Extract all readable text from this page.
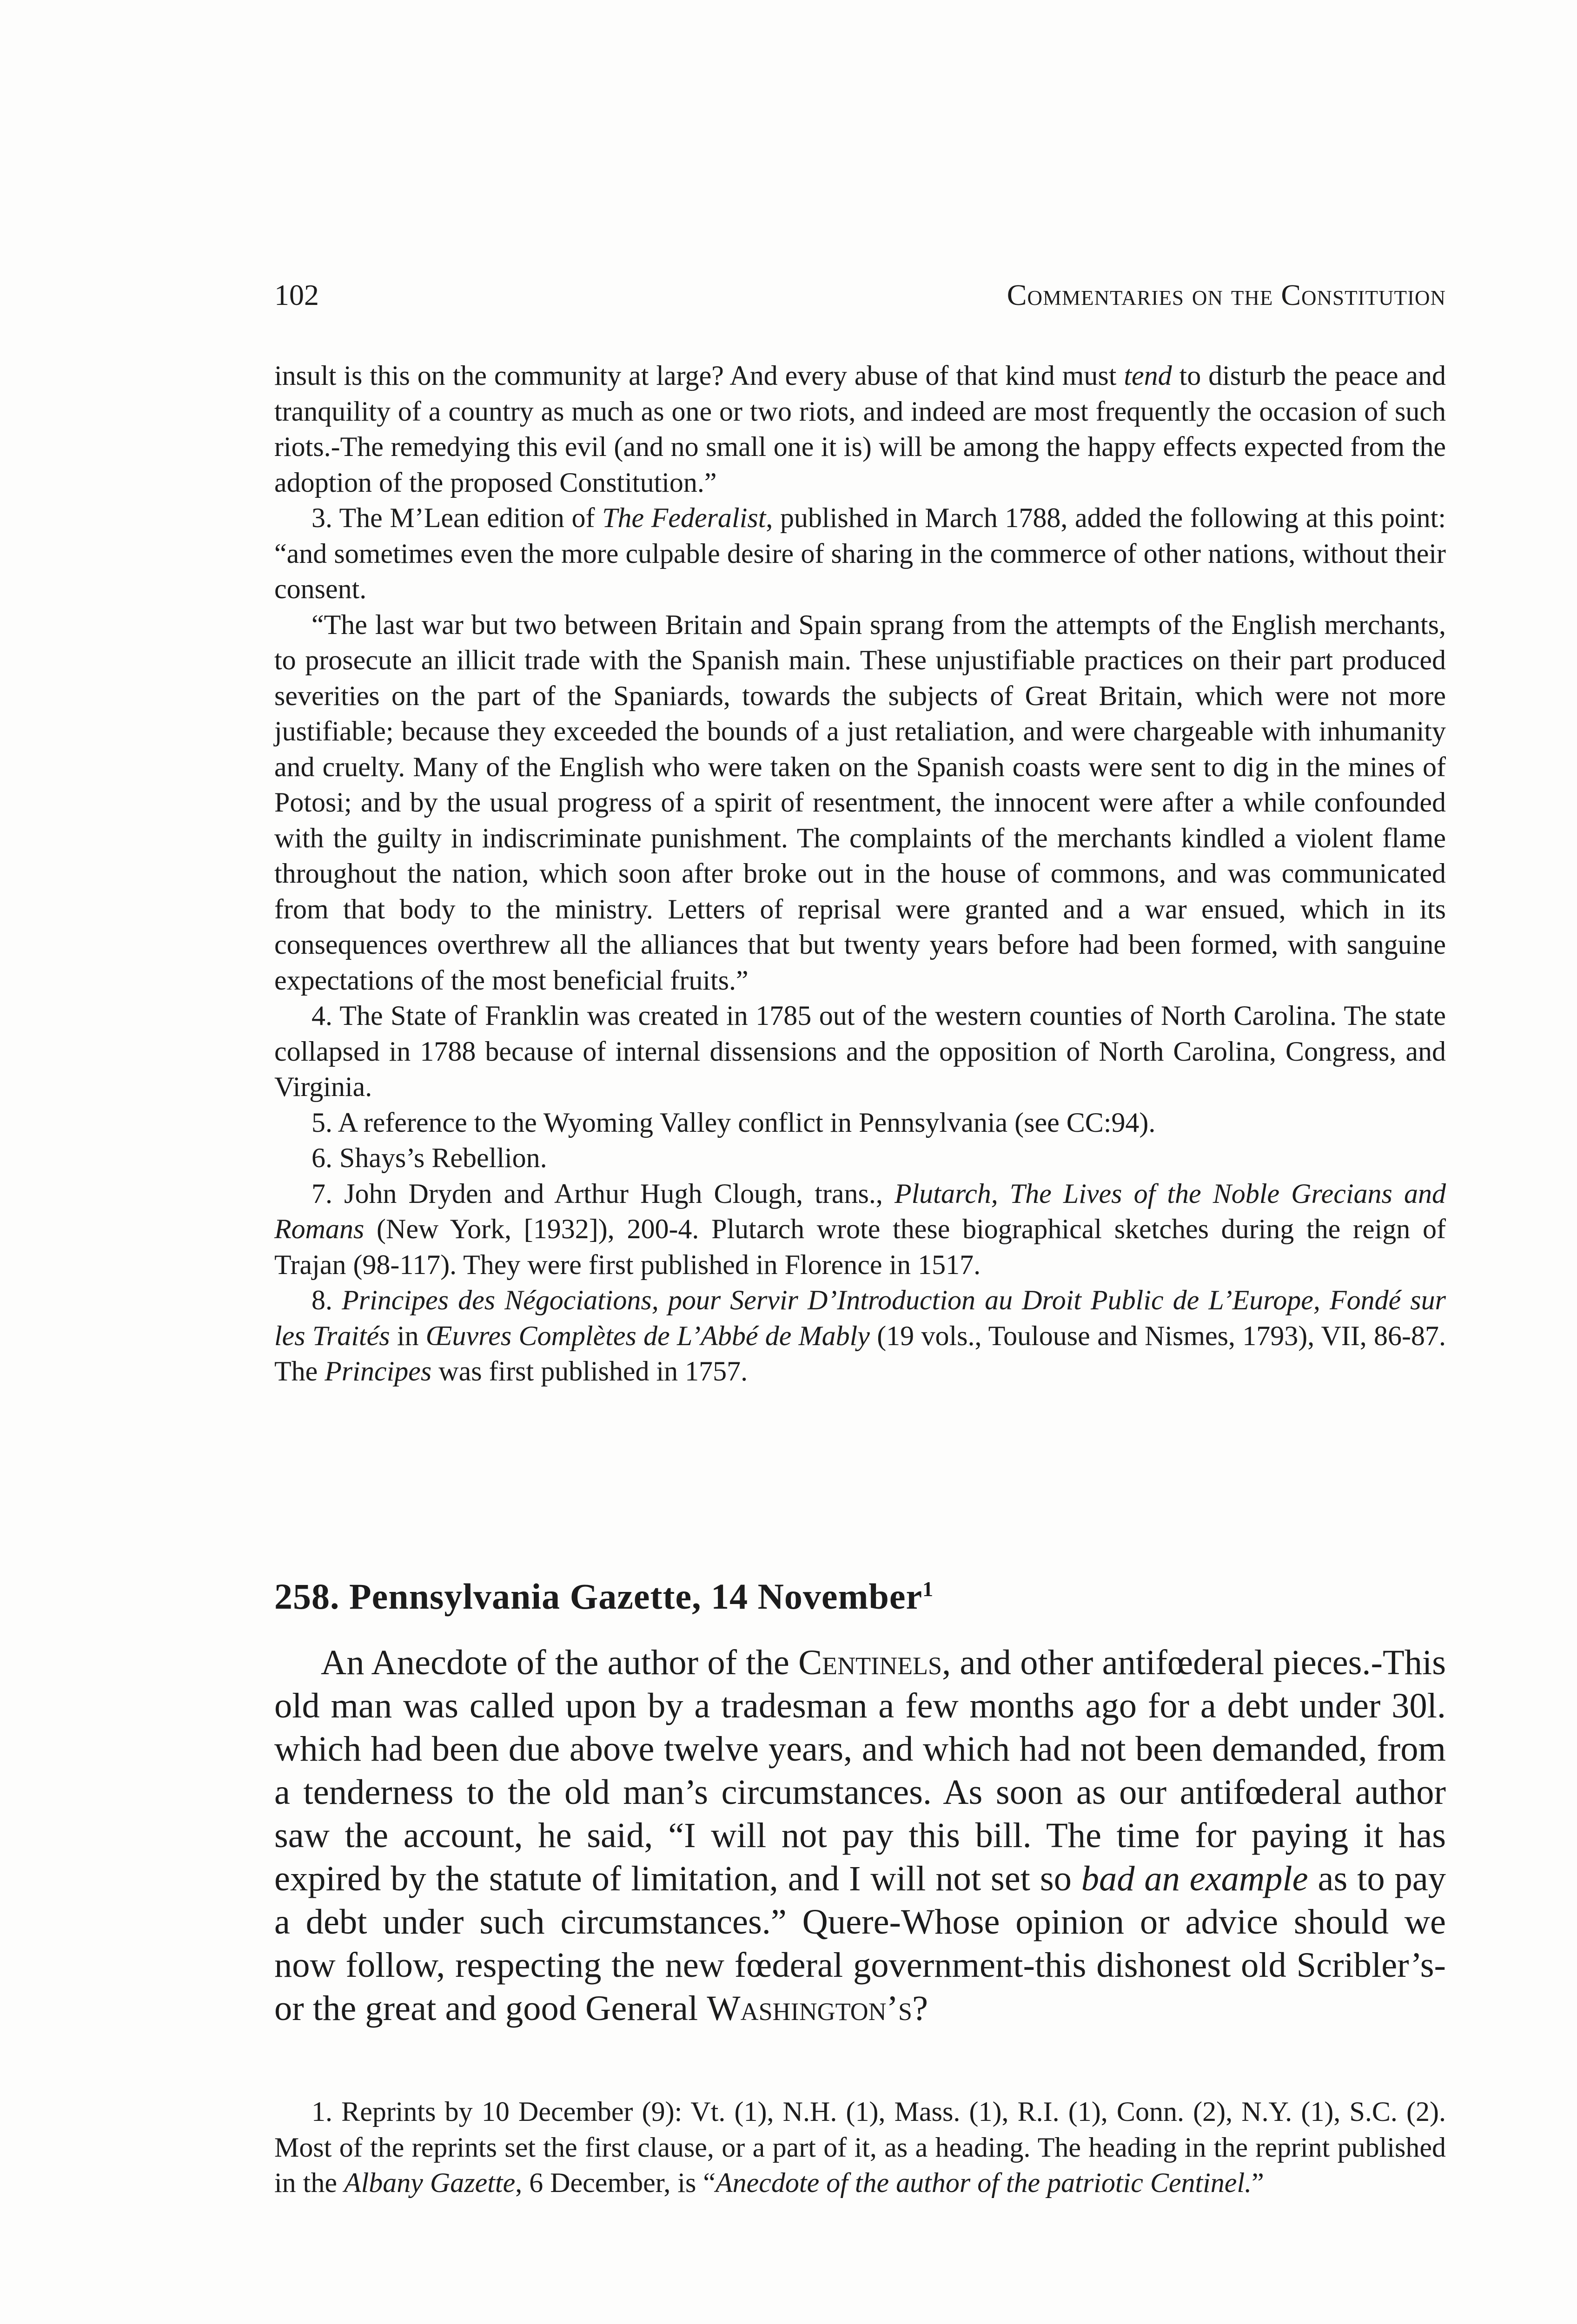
102	Commentaries on the Constitution

insult is this on the community at large? And every abuse of that kind must tend to disturb the peace and tranquility of a country as much as one or two riots, and indeed are most frequently the occasion of such riots.-The remedying this evil (and no small one it is) will be among the happy effects expected from the adoption of the proposed Constitution.”

3. The M’Lean edition of The Federalist, published in March 1788, added the following at this point: “and sometimes even the more culpable desire of sharing in the commerce of other nations, without their consent.

“The last war but two between Britain and Spain sprang from the attempts of the English merchants, to prosecute an illicit trade with the Spanish main. These unjustifiable practices on their part produced severities on the part of the Spaniards, towards the subjects of Great Britain, which were not more justifiable; because they exceeded the bounds of a just retaliation, and were chargeable with inhumanity and cruelty. Many of the English who were taken on the Spanish coasts were sent to dig in the mines of Potosi; and by the usual progress of a spirit of resentment, the innocent were after a while confounded with the guilty in indiscriminate punishment. The complaints of the merchants kindled a violent flame throughout the nation, which soon after broke out in the house of commons, and was communicated from that body to the ministry. Letters of reprisal were granted and a war ensued, which in its consequences overthrew all the alliances that but twenty years before had been formed, with sanguine expectations of the most beneficial fruits.”

4. The State of Franklin was created in 1785 out of the western counties of North Carolina. The state collapsed in 1788 because of internal dissensions and the opposition of North Carolina, Congress, and Virginia.

5. A reference to the Wyoming Valley conflict in Pennsylvania (see CC:94).

6. Shays’s Rebellion.

7. John Dryden and Arthur Hugh Clough, trans., Plutarch, The Lives of the Noble Grecians and Romans (New York, [1932]), 200-4. Plutarch wrote these biographical sketches during the reign of Trajan (98-117). They were first published in Florence in 1517.

8. Principes des Négociations, pour Servir D’Introduction au Droit Public de L’Europe, Fondé sur les Traités in Œuvres Complètes de L’Abbé de Mably (19 vols., Toulouse and Nismes, 1793), VII, 86-87. The Principes was first published in 1757.

258. Pennsylvania Gazette, 14 November$^1$

An Anecdote of the author of the Centinels, and other antifœderal pieces.-This old man was called upon by a tradesman a few months ago for a debt under 30l. which had been due above twelve years, and which had not been demanded, from a tenderness to the old man’s circumstances. As soon as our antifœderal author saw the account, he said, “I will not pay this bill. The time for paying it has expired by the statute of limitation, and I will not set so bad an example as to pay a debt under such circumstances.” Quere-Whose opinion or advice should we now follow, respecting the new fœderal government-this dishonest old Scribler’s-or the great and good General Washington’s?

1. Reprints by 10 December (9): Vt. (1), N.H. (1), Mass. (1), R.I. (1), Conn. (2), N.Y. (1), S.C. (2). Most of the reprints set the first clause, or a part of it, as a heading. The heading in the reprint published in the Albany Gazette, 6 December, is “Anecdote of the author of the patriotic Centinel.”
